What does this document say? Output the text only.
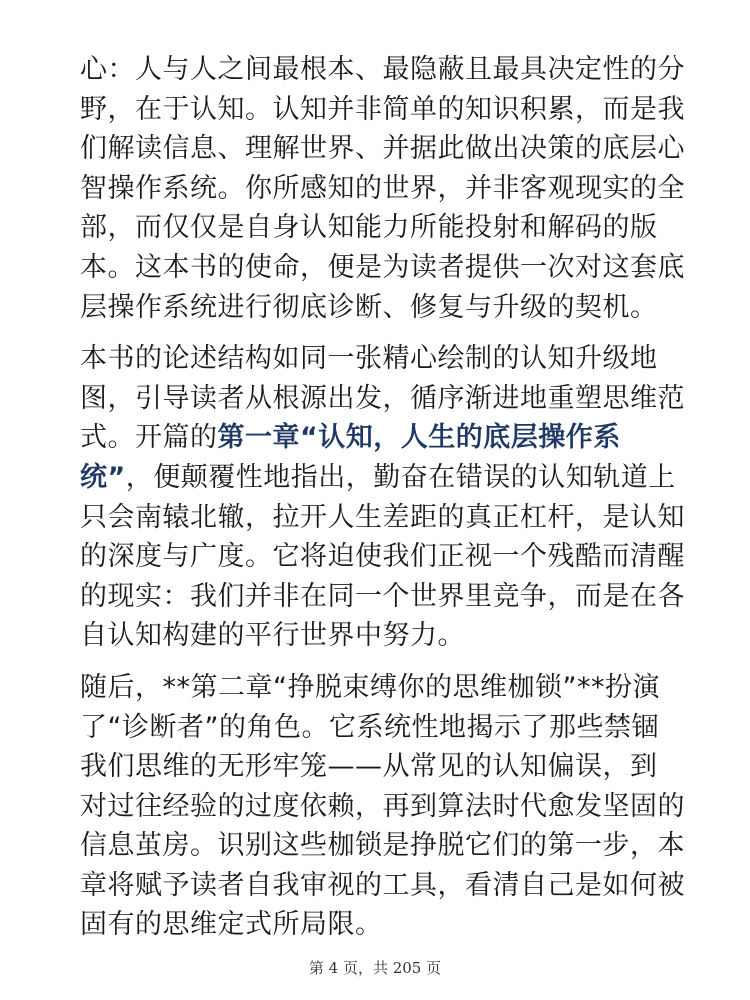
心：人与人之间最根本、最隐蔽且最具决定性的分
野，在于认知。认知并非简单的知识积累，而是我
们解读信息、理解世界、并据此做出决策的底层心
智操作系统。你所感知的世界，并非客观现实的全
部，而仅仅是自身认知能力所能投射和解码的版
本。这本书的使命，便是为读者提供一次对这套底
层操作系统进行彻底诊断、修复与升级的契机。

本书的论述结构如同一张精心绘制的认知升级地
图，引导读者从根源出发，循序渐进地重塑思维范
式。开篇的第一章“认知，人生的底层操作系
统”，便颠覆性地指出，勤奋在错误的认知轨道上
只会南辕北辙，拉开人生差距的真正杠杆，是认知
的深度与广度。它将迫使我们正视一个残酷而清醒
的现实：我们并非在同一个世界里竞争，而是在各
自认知构建的平行世界中努力。

随后，**第二章“挣脱束缚你的思维枷锁”**扮演
了“诊断者”的角色。它系统性地揭示了那些禁锢
我们思维的无形牢笼——从常见的认知偏误，到
对过往经验的过度依赖，再到算法时代愈发坚固的
信息茧房。识别这些枷锁是挣脱它们的第一步，本
章将赋予读者自我审视的工具，看清自己是如何被
固有的思维定式所局限。

第 4 页，共 205 页
